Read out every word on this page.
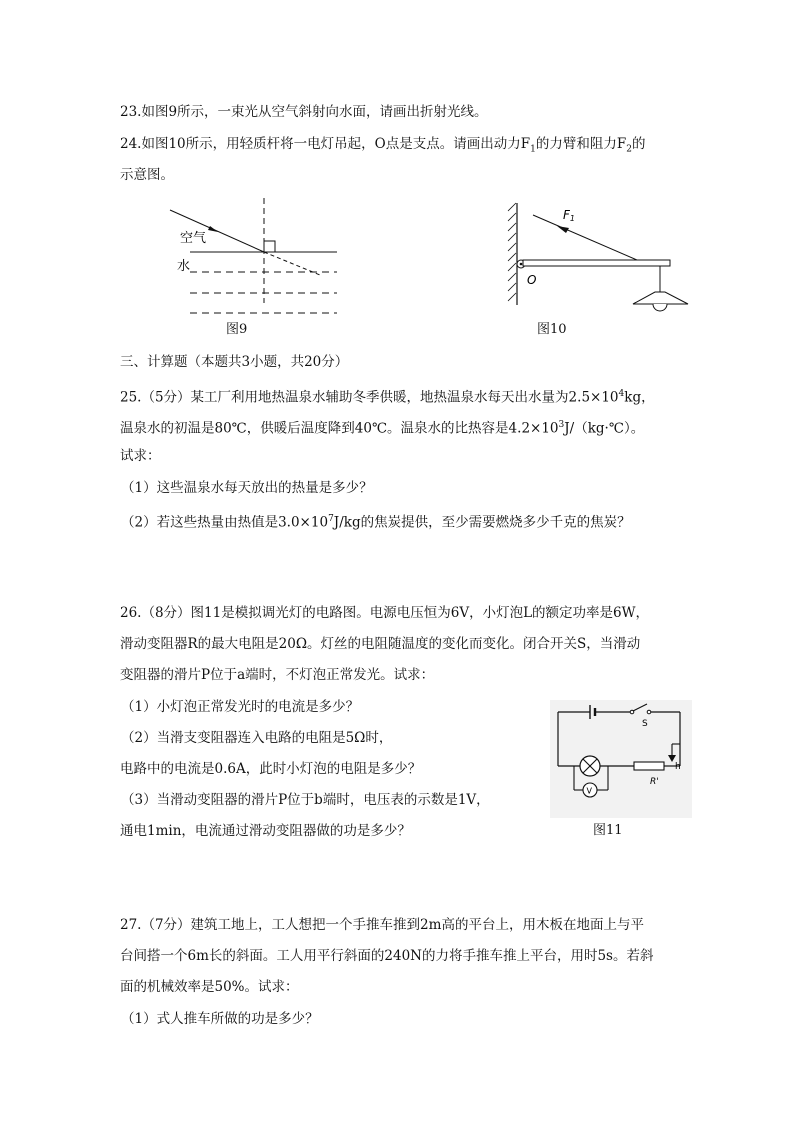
23.如图9所示，一束光从空气斜射向水面，请画出折射光线。
24.如图10所示，用轻质杆将一电灯吊起，O点是支点。请画出动力$F_1$的力臂和阻力$F_2$的
示意图。
空气
水
图9
F1
O
图10
三、计算题（本题共3小题，共20分）
25.（5分）某工厂利用地热温泉水辅助冬季供暖，地热温泉水每天出水量为$2.5\times 10^4kg$，
温泉水的初温是80℃，供暖后温度降到40℃。温泉水的比热容是$4.2\times 10^3J/(kg\cdot℃)$。
试求：
（1）这些温泉水每天放出的热量是多少？
（2）若这些热量由热值是$3.0\times 10^7J/kg$的焦炭提供，至少需要燃烧多少千克的焦炭？
26.（8分）图11是模拟调光灯的电路图。电源电压恒为6V，小灯泡L的额定功率是6W，
滑动变阻器R的最大电阻是20Ω。灯丝的电阻随温度的变化而变化。闭合开关S，当滑动
变阻器的滑片P位于a端时，不灯泡正常发光。试求：
（1）小灯泡正常发光时的电流是多少？
（2）当滑支变阻器连入电路的电阻是5Ω时，
电路中的电流是0.6A，此时小灯泡的电阻是多少？
（3）当滑动变阻器的滑片P位于b端时，电压表的示数是1V，
通电1min，电流通过滑动变阻器做的功是多少？
S
h
R'
V
图11
27.（7分）建筑工地上，工人想把一个手推车推到2m高的平台上，用木板在地面上与平
台间搭一个6m长的斜面。工人用平行斜面的240N的力将手推车推上平台，用时5s。若斜
面的机械效率是50%。试求：
（1）式人推车所做的功是多少？
